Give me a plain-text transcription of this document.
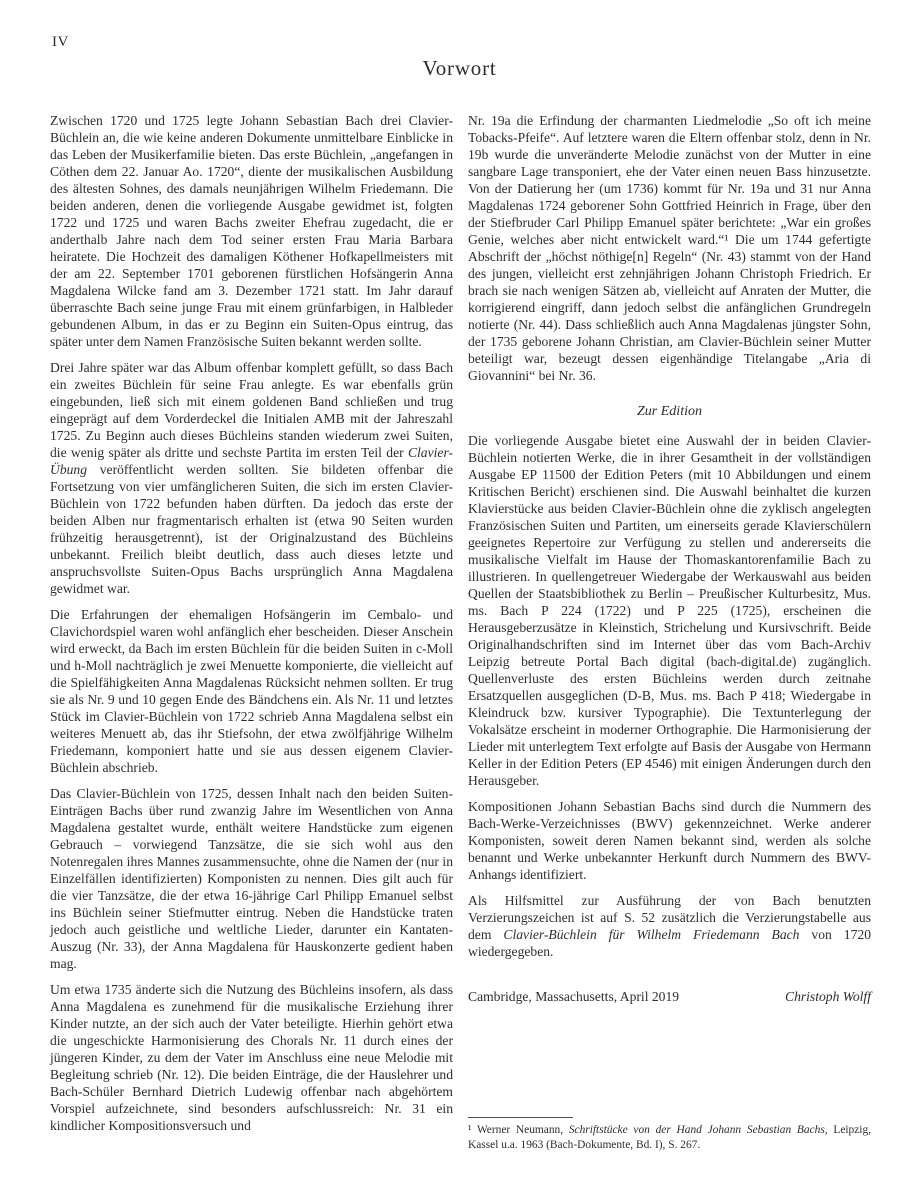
IV
Vorwort

Zwischen 1720 und 1725 legte Johann Sebastian Bach drei Clavier-Büchlein an, die wie keine anderen Dokumente unmittelbare Einblicke in das Leben der Musikerfamilie bieten. Das erste Büchlein, „angefangen in Cöthen dem 22. Januar Ao. 1720“, diente der musikalischen Ausbildung des ältesten Sohnes, des damals neunjährigen Wilhelm Friedemann. Die beiden anderen, denen die vorliegende Ausgabe gewidmet ist, folgten 1722 und 1725 und waren Bachs zweiter Ehefrau zugedacht, die er anderthalb Jahre nach dem Tod seiner ersten Frau Maria Barbara heiratete. Die Hochzeit des damaligen Köthener Hofkapellmeisters mit der am 22. September 1701 geborenen fürstlichen Hofsängerin Anna Magdalena Wilcke fand am 3. Dezember 1721 statt. Im Jahr darauf überraschte Bach seine junge Frau mit einem grünfarbigen, in Halbleder gebundenen Album, in das er zu Beginn ein Suiten-Opus eintrug, das später unter dem Namen Französische Suiten bekannt werden sollte.

Drei Jahre später war das Album offenbar komplett gefüllt, so dass Bach ein zweites Büchlein für seine Frau anlegte. Es war ebenfalls grün eingebunden, ließ sich mit einem goldenen Band schließen und trug eingeprägt auf dem Vorderdeckel die Initialen AMB mit der Jahreszahl 1725. Zu Beginn auch dieses Büchleins standen wiederum zwei Suiten, die wenig später als dritte und sechste Partita im ersten Teil der Clavier-Übung veröffentlicht werden sollten. Sie bildeten offenbar die Fortsetzung von vier umfänglicheren Suiten, die sich im ersten Clavier-Büchlein von 1722 befunden haben dürften. Da jedoch das erste der beiden Alben nur fragmentarisch erhalten ist (etwa 90 Seiten wurden frühzeitig herausgetrennt), ist der Originalzustand des Büchleins unbekannt. Freilich bleibt deutlich, dass auch dieses letzte und anspruchsvollste Suiten-Opus Bachs ursprünglich Anna Magdalena gewidmet war.

Die Erfahrungen der ehemaligen Hofsängerin im Cembalo- und Clavichordspiel waren wohl anfänglich eher bescheiden. Dieser Anschein wird erweckt, da Bach im ersten Büchlein für die beiden Suiten in c-Moll und h-Moll nachträglich je zwei Menuette komponierte, die vielleicht auf die Spielfähigkeiten Anna Magdalenas Rücksicht nehmen sollten. Er trug sie als Nr. 9 und 10 gegen Ende des Bändchens ein. Als Nr. 11 und letztes Stück im Clavier-Büchlein von 1722 schrieb Anna Magdalena selbst ein weiteres Menuett ab, das ihr Stiefsohn, der etwa zwölfjährige Wilhelm Friedemann, komponiert hatte und sie aus dessen eigenem Clavier-Büchlein abschrieb.

Das Clavier-Büchlein von 1725, dessen Inhalt nach den beiden Suiten-Einträgen Bachs über rund zwanzig Jahre im Wesentlichen von Anna Magdalena gestaltet wurde, enthält weitere Handstücke zum eigenen Gebrauch – vorwiegend Tanzsätze, die sie sich wohl aus den Notenregalen ihres Mannes zusammensuchte, ohne die Namen der (nur in Einzelfällen identifizierten) Komponisten zu nennen. Dies gilt auch für die vier Tanzsätze, die der etwa 16-jährige Carl Philipp Emanuel selbst ins Büchlein seiner Stiefmutter eintrug. Neben die Handstücke traten jedoch auch geistliche und weltliche Lieder, darunter ein Kantaten-Auszug (Nr. 33), der Anna Magdalena für Hauskonzerte gedient haben mag.

Um etwa 1735 änderte sich die Nutzung des Büchleins insofern, als dass Anna Magdalena es zunehmend für die musikalische Erziehung ihrer Kinder nutzte, an der sich auch der Vater beteiligte. Hierhin gehört etwa die ungeschickte Harmonisierung des Chorals Nr. 11 durch eines der jüngeren Kinder, zu dem der Vater im Anschluss eine neue Melodie mit Begleitung schrieb (Nr. 12). Die beiden Einträge, die der Hauslehrer und Bach-Schüler Bernhard Dietrich Ludewig offenbar nach abgehörtem Vorspiel aufzeichnete, sind besonders aufschlussreich: Nr. 31 ein kindlicher Kompositionsversuch und

Nr. 19a die Erfindung der charmanten Liedmelodie „So oft ich meine Tobacks-Pfeife“. Auf letztere waren die Eltern offenbar stolz, denn in Nr. 19b wurde die unveränderte Melodie zunächst von der Mutter in eine sangbare Lage transponiert, ehe der Vater einen neuen Bass hinzusetzte. Von der Datierung her (um 1736) kommt für Nr. 19a und 31 nur Anna Magdalenas 1724 geborener Sohn Gottfried Heinrich in Frage, über den der Stiefbruder Carl Philipp Emanuel später berichtete: „War ein großes Genie, welches aber nicht entwickelt ward.“¹ Die um 1744 gefertigte Abschrift der „höchst nöthige[n] Regeln“ (Nr. 43) stammt von der Hand des jungen, vielleicht erst zehnjährigen Johann Christoph Friedrich. Er brach sie nach wenigen Sätzen ab, vielleicht auf Anraten der Mutter, die korrigierend eingriff, dann jedoch selbst die anfänglichen Grundregeln notierte (Nr. 44). Dass schließlich auch Anna Magdalenas jüngster Sohn, der 1735 geborene Johann Christian, am Clavier-Büchlein seiner Mutter beteiligt war, bezeugt dessen eigenhändige Titelangabe „Aria di Giovannini“ bei Nr. 36.

Zur Edition

Die vorliegende Ausgabe bietet eine Auswahl der in beiden Clavier-Büchlein notierten Werke, die in ihrer Gesamtheit in der vollständigen Ausgabe EP 11500 der Edition Peters (mit 10 Abbildungen und einem Kritischen Bericht) erschienen sind. Die Auswahl beinhaltet die kurzen Klavierstücke aus beiden Clavier-Büchlein ohne die zyklisch angelegten Französischen Suiten und Partiten, um einerseits gerade Klavierschülern geeignetes Repertoire zur Verfügung zu stellen und andererseits die musikalische Vielfalt im Hause der Thomaskantorenfamilie Bach zu illustrieren. In quellengetreuer Wiedergabe der Werkauswahl aus beiden Quellen der Staatsbibliothek zu Berlin – Preußischer Kulturbesitz, Mus. ms. Bach P 224 (1722) und P 225 (1725), erscheinen die Herausgeberzusätze in Kleinstich, Strichelung und Kursivschrift. Beide Originalhandschriften sind im Internet über das vom Bach-Archiv Leipzig betreute Portal Bach digital (bach-digital.de) zugänglich. Quellenverluste des ersten Büchleins werden durch zeitnahe Ersatzquellen ausgeglichen (D-B, Mus. ms. Bach P 418; Wiedergabe in Kleindruck bzw. kursiver Typographie). Die Textunterlegung der Vokalsätze erscheint in moderner Orthographie. Die Harmonisierung der Lieder mit unterlegtem Text erfolgte auf Basis der Ausgabe von Hermann Keller in der Edition Peters (EP 4546) mit einigen Änderungen durch den Herausgeber.

Kompositionen Johann Sebastian Bachs sind durch die Nummern des Bach-Werke-Verzeichnisses (BWV) gekennzeichnet. Werke anderer Komponisten, soweit deren Namen bekannt sind, werden als solche benannt und Werke unbekannter Herkunft durch Nummern des BWV-Anhangs identifiziert.

Als Hilfsmittel zur Ausführung der von Bach benutzten Verzierungszeichen ist auf S. 52 zusätzlich die Verzierungstabelle aus dem Clavier-Büchlein für Wilhelm Friedemann Bach von 1720 wiedergegeben.

Cambridge, Massachusetts, April 2019	Christoph Wolff

¹ Werner Neumann, Schriftstücke von der Hand Johann Sebastian Bachs, Leipzig, Kassel u.a. 1963 (Bach-Dokumente, Bd. I), S. 267.
